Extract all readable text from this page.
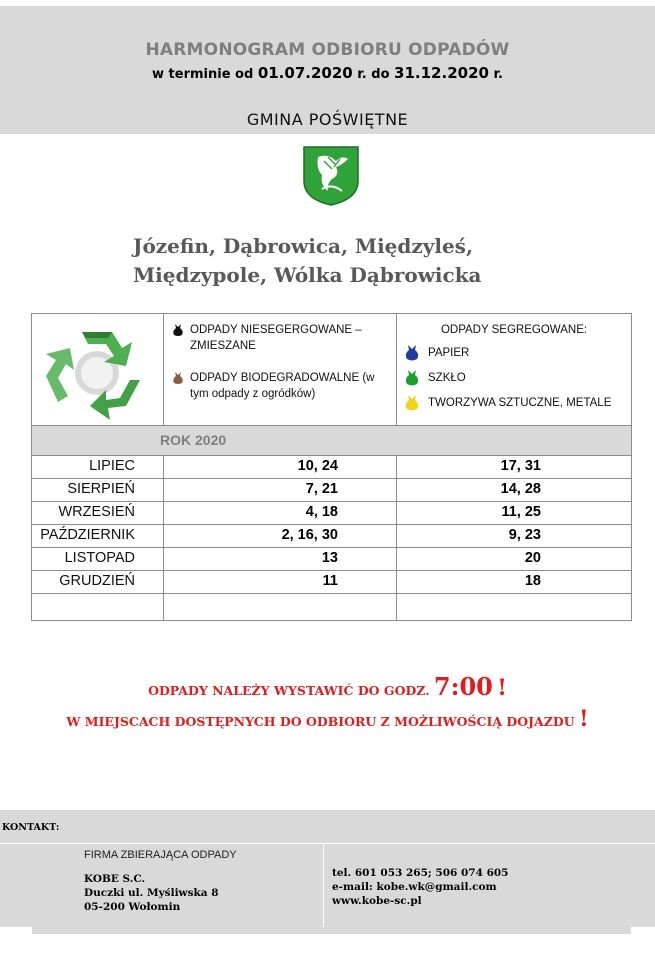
HARMONOGRAM ODBIORU ODPADÓW
w terminie od 01.07.2020 r. do 31.12.2020 r.
GMINA POŚWIĘTNE
Józefin, Dąbrowica, Międzyleś,
Międzypole, Wólka Dąbrowicka
ODPADY NIESEGERGOWANE – ZMIESZANE
ODPADY BIODEGRADOWALNE (w tym odpady z ogródków)
ODPADY SEGREGOWANE:
PAPIER
SZKŁO
TWORZYWA SZTUCZNE, METALE
ROK 2020
LIPIEC	10, 24	17, 31
SIERPIEŃ	7, 21	14, 28
WRZESIEŃ	4, 18	11, 25
PAŹDZIERNIK	2, 16, 30	9, 23
LISTOPAD	13	20
GRUDZIEŃ	11	18
ODPADY NALEŻY WYSTAWIĆ DO GODZ. 7:00 !
W MIEJSCACH DOSTĘPNYCH DO ODBIORU Z MOŻLIWOŚCIĄ DOJAZDU !
KONTAKT:
FIRMA ZBIERAJĄCA ODPADY
KOBE S.C.
Duczki ul. Myśliwska 8
05-200 Wołomin
tel. 601 053 265; 506 074 605
e-mail: kobe.wk@gmail.com
www.kobe-sc.pl
